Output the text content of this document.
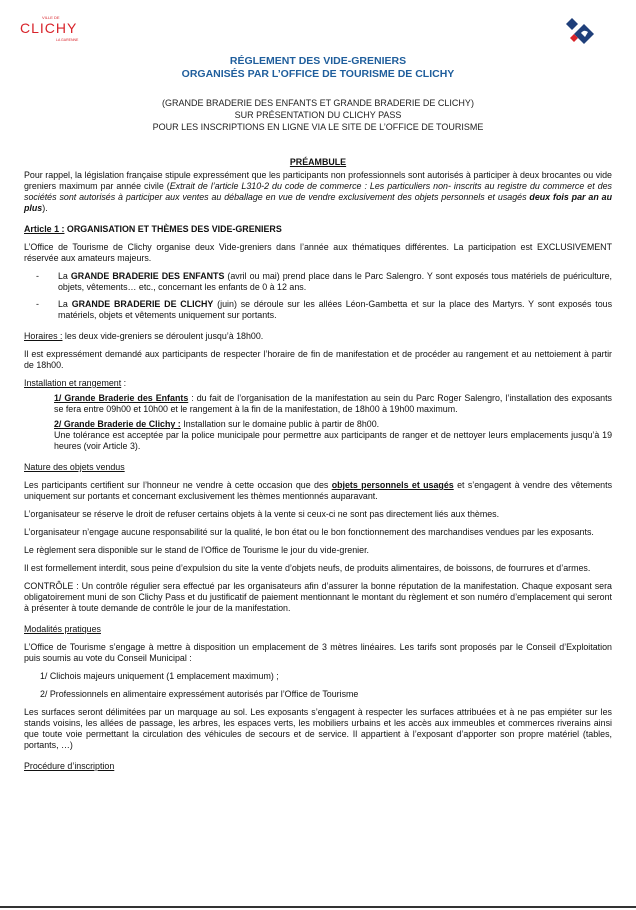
VILLE DE
CLICHY
LA GARENNE
RÉGLEMENT DES VIDE-GRENIERS
ORGANISÉS PAR L’OFFICE DE TOURISME DE CLICHY
(GRANDE BRADERIE DES ENFANTS ET GRANDE BRADERIE DE CLICHY)
SUR PRÉSENTATION DU CLICHY PASS
POUR LES INSCRIPTIONS EN LIGNE VIA LE SITE DE L’OFFICE DE TOURISME

PRÉAMBULE

Pour rappel, la législation française stipule expressément que les participants non professionnels sont autorisés à participer à deux brocantes ou vide greniers maximum par année civile (Extrait de l’article L310-2 du code de commerce : Les particuliers non- inscrits au registre du commerce et des sociétés sont autorisés à participer aux ventes au déballage en vue de vendre exclusivement des objets personnels et usagés deux fois par an au plus).

Article 1 : ORGANISATION ET THÈMES DES VIDE-GRENIERS

L’Office de Tourisme de Clichy organise deux Vide-greniers dans l’année aux thématiques différentes. La participation est EXCLUSIVEMENT réservée aux amateurs majeurs.

- La GRANDE BRADERIE DES ENFANTS (avril ou mai) prend place dans le Parc Salengro. Y sont exposés tous matériels de puériculture, objets, vêtements… etc., concernant les enfants de 0 à 12 ans.
- La GRANDE BRADERIE DE CLICHY (juin) se déroule sur les allées Léon-Gambetta et sur la place des Martyrs. Y sont exposés tous matériels, objets et vêtements uniquement sur portants.

Horaires : les deux vide-greniers se déroulent jusqu’à 18h00.

Il est expressément demandé aux participants de respecter l’horaire de fin de manifestation et de procéder au rangement et au nettoiement à partir de 18h00.

Installation et rangement :

1/ Grande Braderie des Enfants : du fait de l’organisation de la manifestation au sein du Parc Roger Salengro, l’installation des exposants se fera entre 09h00 et 10h00 et le rangement à la fin de la manifestation, de 18h00 à 19h00 maximum.

2/ Grande Braderie de Clichy : Installation sur le domaine public à partir de 8h00.
Une tolérance est acceptée par la police municipale pour permettre aux participants de ranger et de nettoyer leurs emplacements jusqu’à 19 heures (voir Article 3).

Nature des objets vendus

Les participants certifient sur l’honneur ne vendre à cette occasion que des objets personnels et usagés et s’engagent à vendre des vêtements uniquement sur portants et concernant exclusivement les thèmes mentionnés auparavant.

L’organisateur se réserve le droit de refuser certains objets à la vente si ceux-ci ne sont pas directement liés aux thèmes.

L’organisateur n’engage aucune responsabilité sur la qualité, le bon état ou le bon fonctionnement des marchandises vendues par les exposants.

Le règlement sera disponible sur le stand de l’Office de Tourisme le jour du vide-grenier.

Il est formellement interdit, sous peine d’expulsion du site la vente d’objets neufs, de produits alimentaires, de boissons, de fourrures et d’armes.

CONTRÔLE : Un contrôle régulier sera effectué par les organisateurs afin d’assurer la bonne réputation de la manifestation. Chaque exposant sera obligatoirement muni de son Clichy Pass et du justificatif de paiement mentionnant le montant du règlement et son numéro d’emplacement qui seront à présenter à toute demande de contrôle le jour de la manifestation.

Modalités pratiques

L’Office de Tourisme s’engage à mettre à disposition un emplacement de 3 mètres linéaires. Les tarifs sont proposés par le Conseil d’Exploitation puis soumis au vote du Conseil Municipal :

1/ Clichois majeurs uniquement (1 emplacement maximum) ;

2/ Professionnels en alimentaire expressément autorisés par l’Office de Tourisme

Les surfaces seront délimitées par un marquage au sol. Les exposants s’engagent à respecter les surfaces attribuées et à ne pas empiéter sur les stands voisins, les allées de passage, les arbres, les espaces verts, les mobiliers urbains et les accès aux immeubles et commerces riverains ainsi que toute voie permettant la circulation des véhicules de secours et de service. Il appartient à l’exposant d’apporter son propre matériel (tables, portants, …)

Procédure d’inscription
